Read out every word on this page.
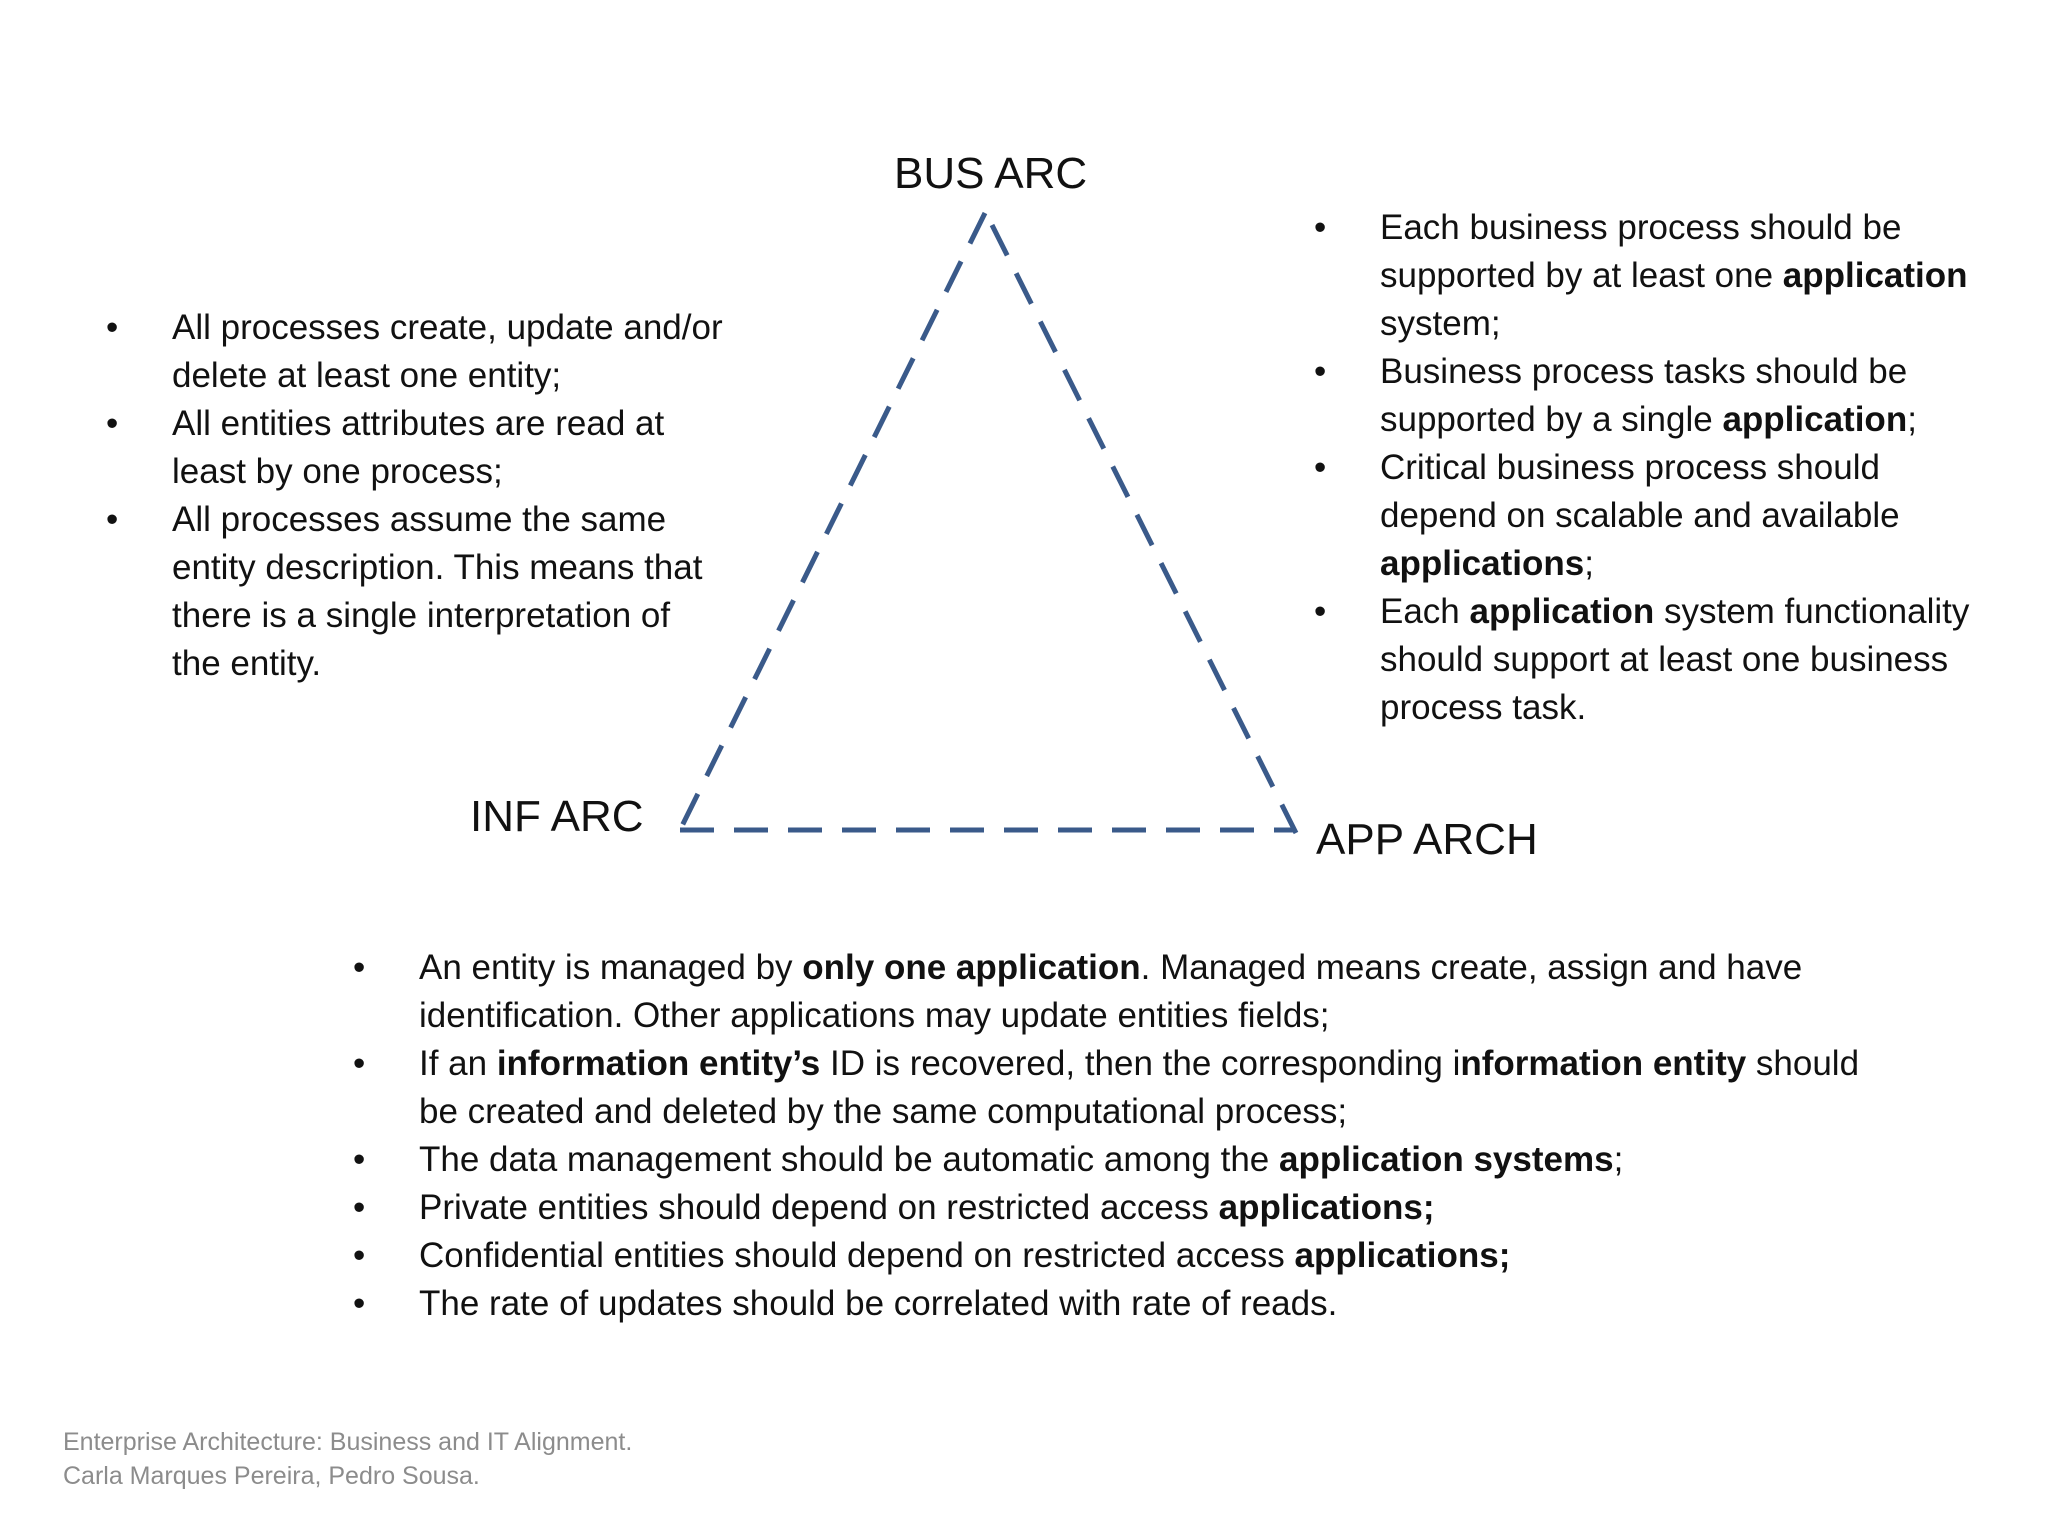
BUS ARC
INF ARC	APP ARCH
• All processes create, update and/or delete at least one entity;
• All entities attributes are read at least by one process;
• All processes assume the same entity description. This means that there is a single interpretation of the entity.
• Each business process should be supported by at least one application system;
• Business process tasks should be supported by a single application;
• Critical business process should depend on scalable and available applications;
• Each application system functionality should support at least one business process task.
• An entity is managed by only one application. Managed means create, assign and have identification. Other applications may update entities fields;
• If an information entity’s ID is recovered, then the corresponding information entity should be created and deleted by the same computational process;
• The data management should be automatic among the application systems;
• Private entities should depend on restricted access applications;
• Confidential entities should depend on restricted access applications;
• The rate of updates should be correlated with rate of reads.
Enterprise Architecture: Business and IT Alignment.
Carla Marques Pereira, Pedro Sousa.
